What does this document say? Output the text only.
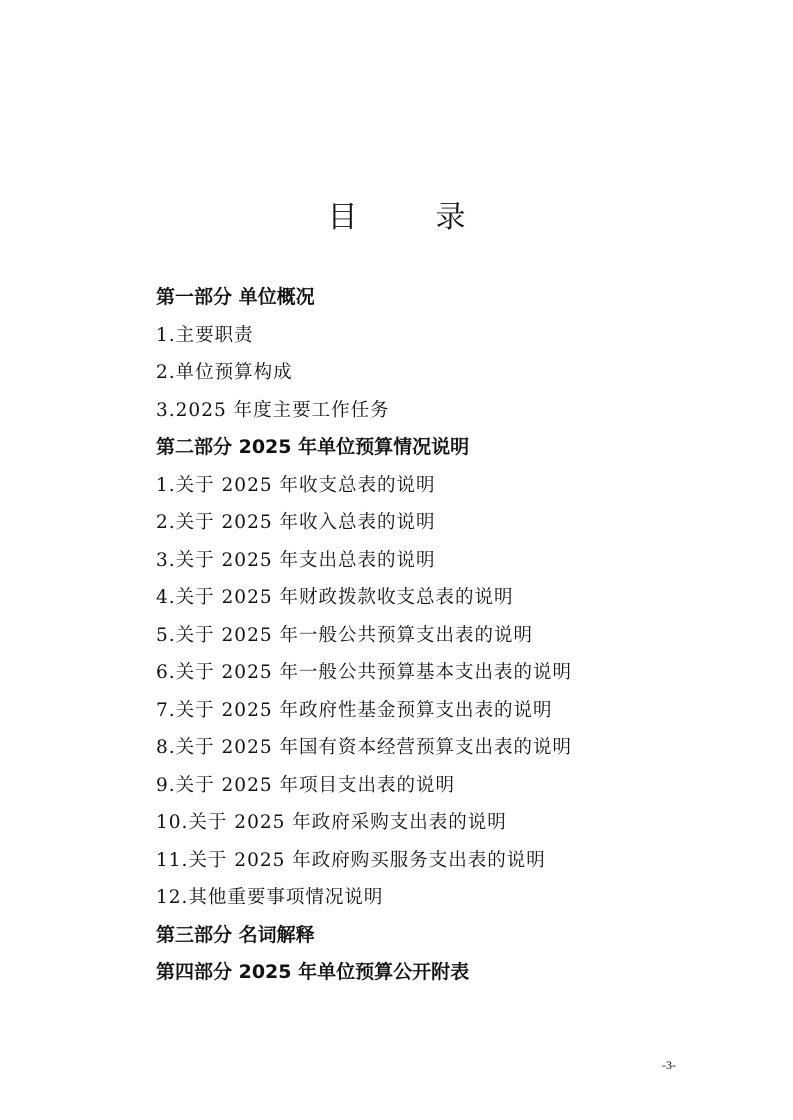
目　录
第一部分 单位概况
1.主要职责
2.单位预算构成
3.2025 年度主要工作任务
第二部分 2025 年单位预算情况说明
1.关于 2025 年收支总表的说明
2.关于 2025 年收入总表的说明
3.关于 2025 年支出总表的说明
4.关于 2025 年财政拨款收支总表的说明
5.关于 2025 年一般公共预算支出表的说明
6.关于 2025 年一般公共预算基本支出表的说明
7.关于 2025 年政府性基金预算支出表的说明
8.关于 2025 年国有资本经营预算支出表的说明
9.关于 2025 年项目支出表的说明
10.关于 2025 年政府采购支出表的说明
11.关于 2025 年政府购买服务支出表的说明
12.其他重要事项情况说明
第三部分 名词解释
第四部分 2025 年单位预算公开附表
-3-
